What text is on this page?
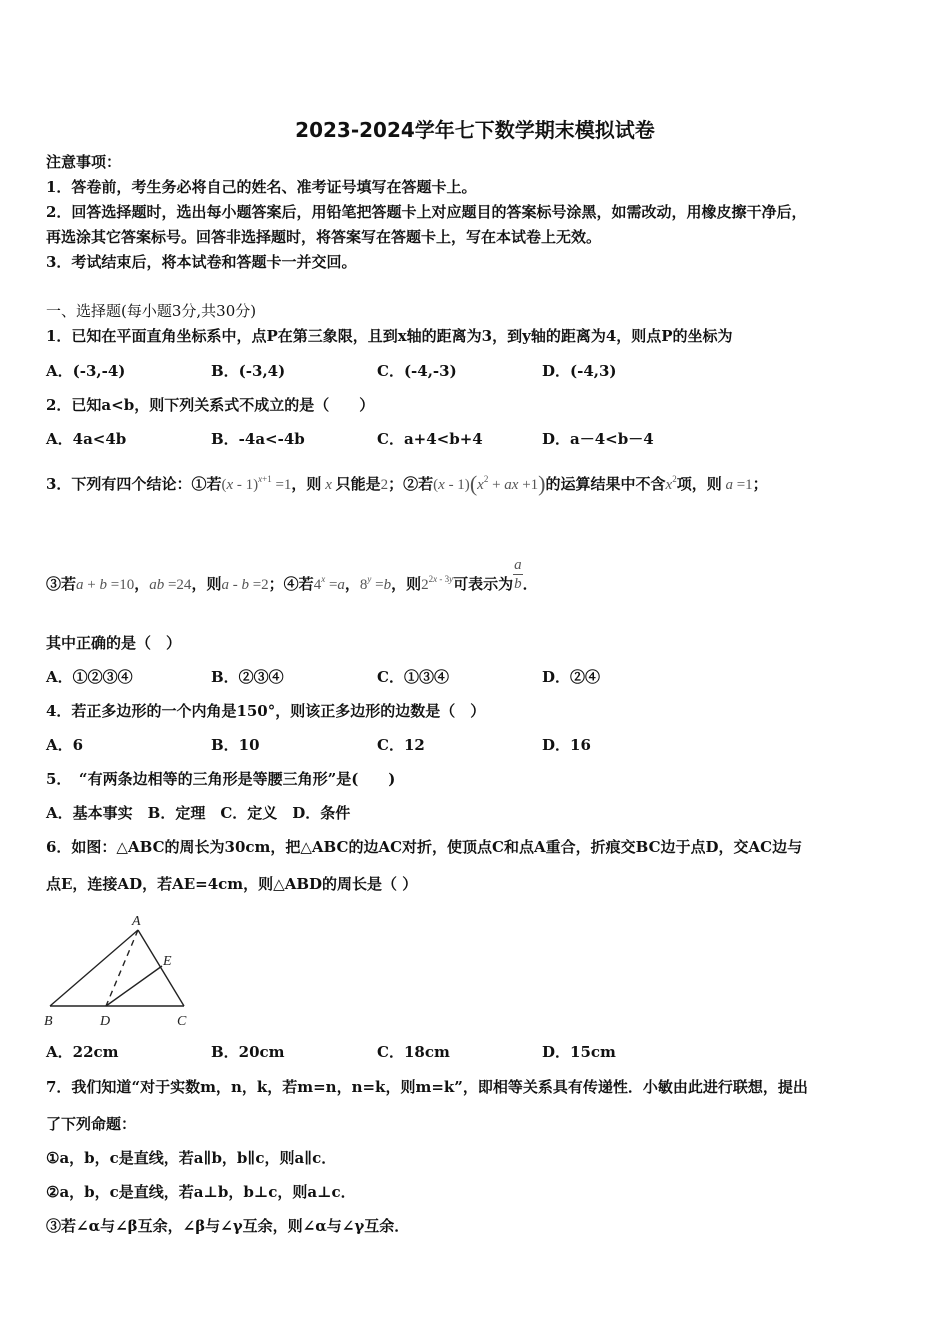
2023-2024学年七下数学期末模拟试卷
注意事项：
1．答卷前，考生务必将自己的姓名、准考证号填写在答题卡上。
2．回答选择题时，选出每小题答案后，用铅笔把答题卡上对应题目的答案标号涂黑，如需改动，用橡皮擦干净后，
再选涂其它答案标号。回答非选择题时，将答案写在答题卡上，写在本试卷上无效。
3．考试结束后，将本试卷和答题卡一并交回。
一、选择题(每小题3分,共30分)
1．已知在平面直角坐标系中，点P在第三象限，且到x轴的距离为3，到y轴的距离为4，则点P的坐标为
A．(-3,-4)	B．(-3,4)	C．(-4,-3)	D．(-4,3)
2．已知a<b，则下列关系式不成立的是（　　）
A．4a<4b	B．-4a<-4b	C．a+4<b+4	D．a－4<b－4
3．下列有四个结论：①若(x - 1)$^{x+1}$ =1，则 x 只能是2；②若$(x - 1)(x^2$ + ax +1)的运算结果中不含$x^2$项，则 a =1；
③若a + b =10，ab =24，则a - b =2；④若$4^x =a$，$8^y =b$，则$2^{2x - 3y}$可表示为 $\frac{a}{b}$ ．
其中正确的是（　）
A．①②③④	B．②③④	C．①③④	D．②④
4．若正多边形的一个内角是150°，则该正多边形的边数是（　）
A．6	B．10	C．12	D．16
5．　“有两条边相等的三角形是等腰三角形”是(　　)
A．基本事实　B．定理　C．定义　D．条件
6．如图：△ABC的周长为30cm，把△ABC的边AC对折，使顶点C和点A重合，折痕交BC边于点D，交AC边与
点E，连接AD，若AE=4cm，则△ABD的周长是（ ）
A
B	D	C
E
A．22cm	B．20cm	C．18cm	D．15cm
7．我们知道“对于实数m，n，k，若m=n，n=k，则m=k”，即相等关系具有传递性．小敏由此进行联想，提出
了下列命题：
①a，b，c是直线，若a∥b，b∥c，则a∥c．
②a，b，c是直线，若a⊥b，b⊥c，则a⊥c．
③若∠α与∠β互余，∠β与∠γ互余，则∠α与∠γ互余．
